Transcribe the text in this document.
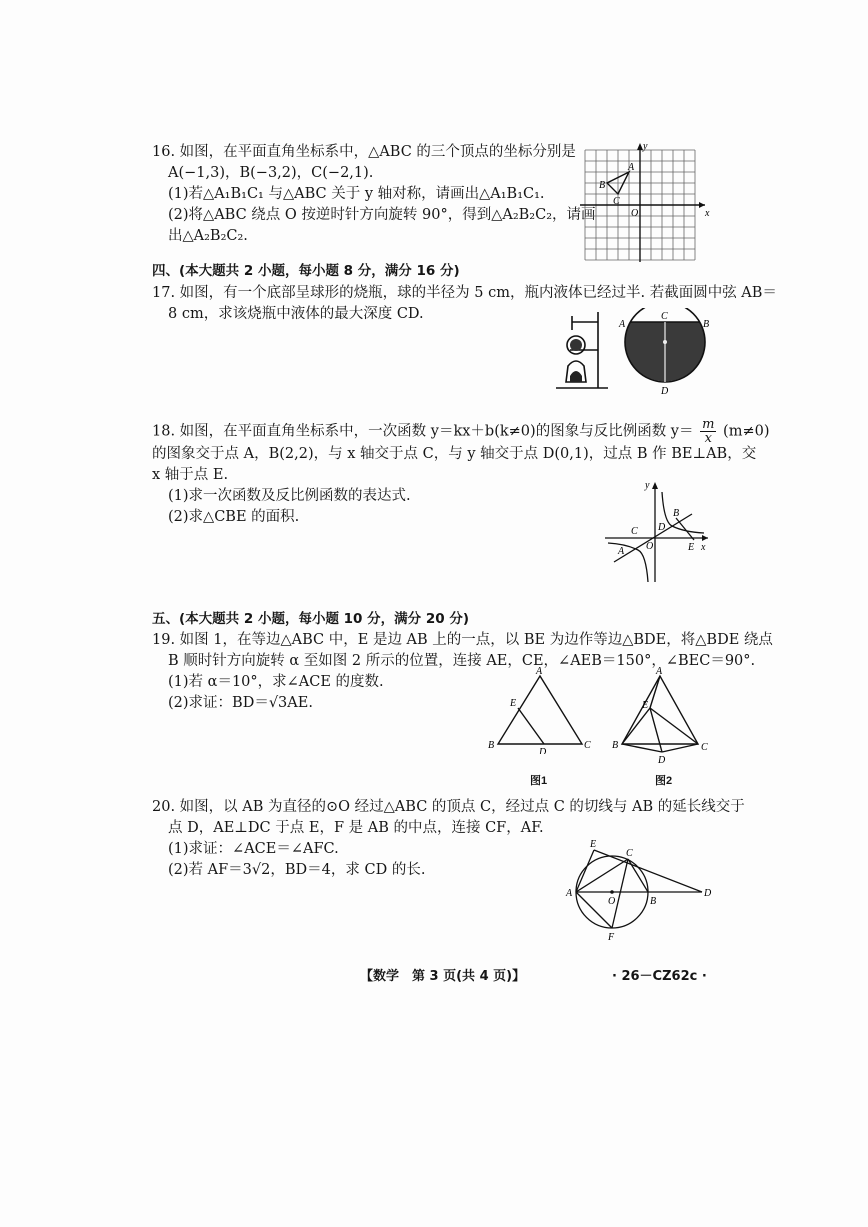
16. 如图，在平面直角坐标系中，△ABC 的三个顶点的坐标分别是
A(−1,3)，B(−3,2)，C(−2,1).
(1)若△A₁B₁C₁ 与△ABC 关于 y 轴对称，请画出△A₁B₁C₁.
(2)将△ABC 绕点 O 按逆时针方向旋转 90°，得到△A₂B₂C₂，请画
出△A₂B₂C₂.
y
x
O
A
B
C
四、(本大题共 2 小题，每小题 8 分，满分 16 分)
17. 如图，有一个底部呈球形的烧瓶，球的半径为 5 cm，瓶内液体已经过半. 若截面圆中弦 AB＝
8 cm，求该烧瓶中液体的最大深度 CD.
A	B
C
D
18. 如图，在平面直角坐标系中，一次函数 y＝kx＋b(k≠0)的图象与反比例函数 $y= \frac{m}{x} (m\ne 0)$
的图象交于点 A，B(2,2)，与 x 轴交于点 C，与 y 轴交于点 D(0,1)，过点 B 作 BE⊥AB，交
x 轴于点 E.
(1)求一次函数及反比例函数的表达式.
(2)求△CBE 的面积.
y
x
O
A
B
C D
E
五、(本大题共 2 小题，每小题 10 分，满分 20 分)
19. 如图 1，在等边△ABC 中，E 是边 AB 上的一点，以 BE 为边作等边△BDE，将△BDE 绕点
B 顺时针方向旋转 α 至如图 2 所示的位置，连接 AE，CE，∠AEB＝150°，∠BEC＝90°.
(1)若 α＝10°，求∠ACE 的度数.
(2)求证：BD＝√3AE.
A
B	C
D
E
图1
A
B	C
D
E
图2
20. 如图，以 AB 为直径的⊙O 经过△ABC 的顶点 C，经过点 C 的切线与 AB 的延长线交于
点 D，AE⊥DC 于点 E，F 是 AB 的中点，连接 CF，AF.
(1)求证：∠ACE＝∠AFC.
(2)若 AF＝3√2，BD＝4，求 CD 的长.
A
B
C
D
E
F
O
【数学　第 3 页(共 4 页)】	· 26－CZ62c ·
